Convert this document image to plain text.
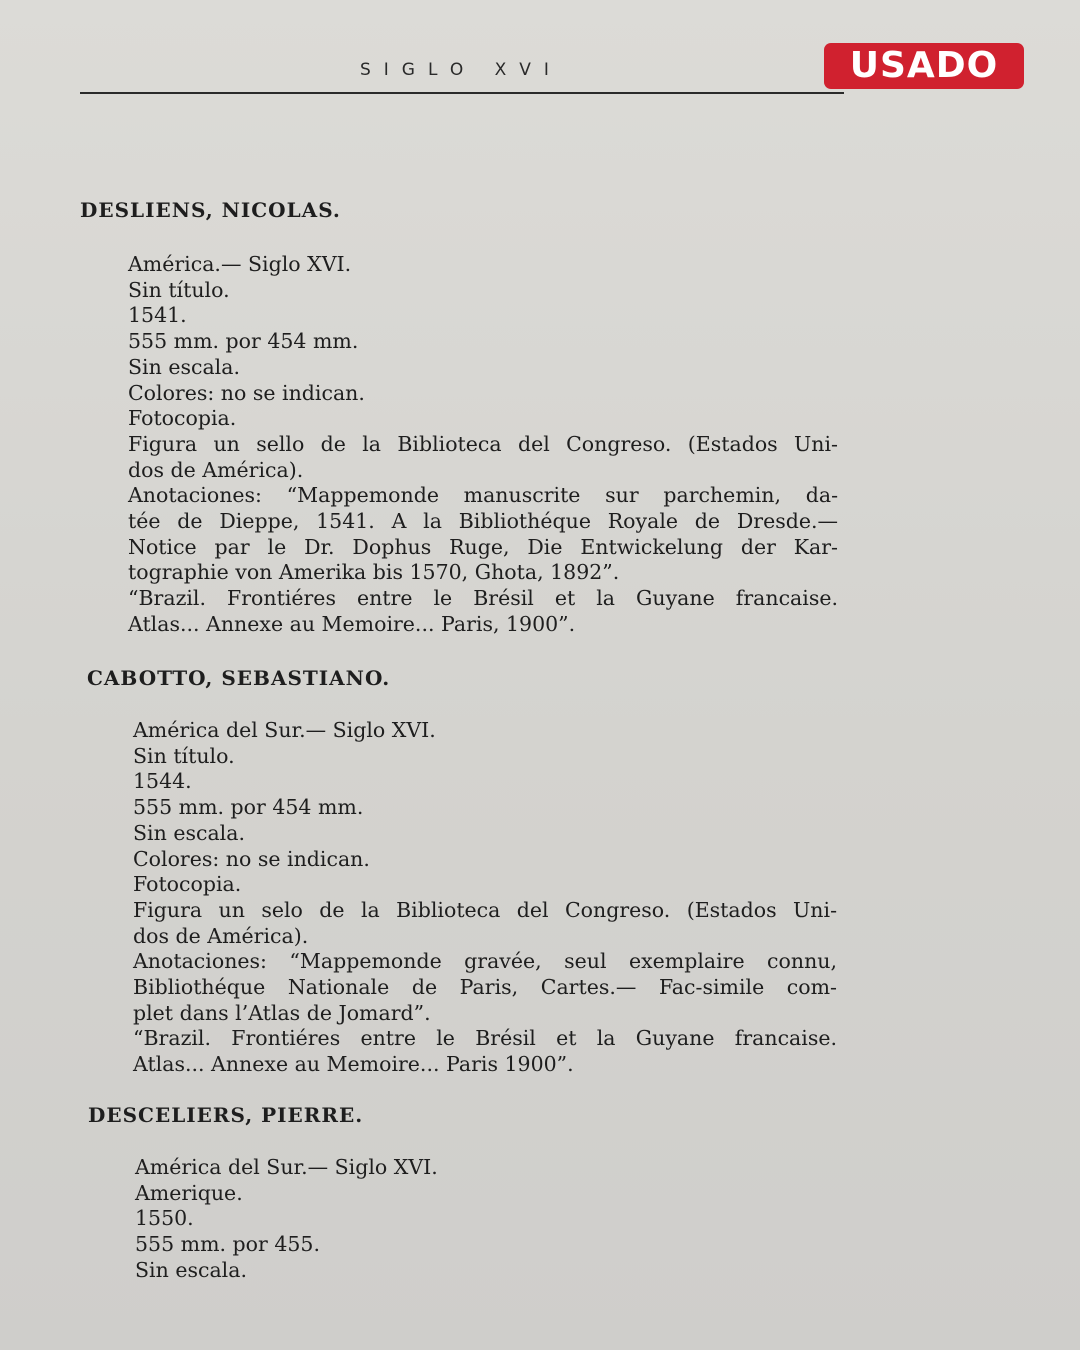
SIGLO XVI	USADO
DESLIENS, NICOLAS.
América.— Siglo XVI.
Sin título.
1541.
555 mm. por 454 mm.
Sin escala.
Colores: no se indican.
Fotocopia.
Figura un sello de la Biblioteca del Congreso. (Estados Uni-
dos de América).
Anotaciones: “Mappemonde manuscrite sur parchemin, da-
tée de Dieppe, 1541. A la Bibliothéque Royale de Dresde.—
Notice par le Dr. Dophus Ruge, Die Entwickelung der Kar-
tographie von Amerika bis 1570, Ghota, 1892”.
“Brazil. Frontiéres entre le Brésil et la Guyane francaise.
Atlas... Annexe au Memoire... Paris, 1900”.
CABOTTO, SEBASTIANO.
América del Sur.— Siglo XVI.
Sin título.
1544.
555 mm. por 454 mm.
Sin escala.
Colores: no se indican.
Fotocopia.
Figura un selo de la Biblioteca del Congreso. (Estados Uni-
dos de América).
Anotaciones: “Mappemonde gravée, seul exemplaire connu,
Bibliothéque Nationale de Paris, Cartes.— Fac-simile com-
plet dans l’Atlas de Jomard”.
“Brazil. Frontiéres entre le Brésil et la Guyane francaise.
Atlas... Annexe au Memoire... Paris 1900”.
DESCELIERS, PIERRE.
América del Sur.— Siglo XVI.
Amerique.
1550.
555 mm. por 455.
Sin escala.
